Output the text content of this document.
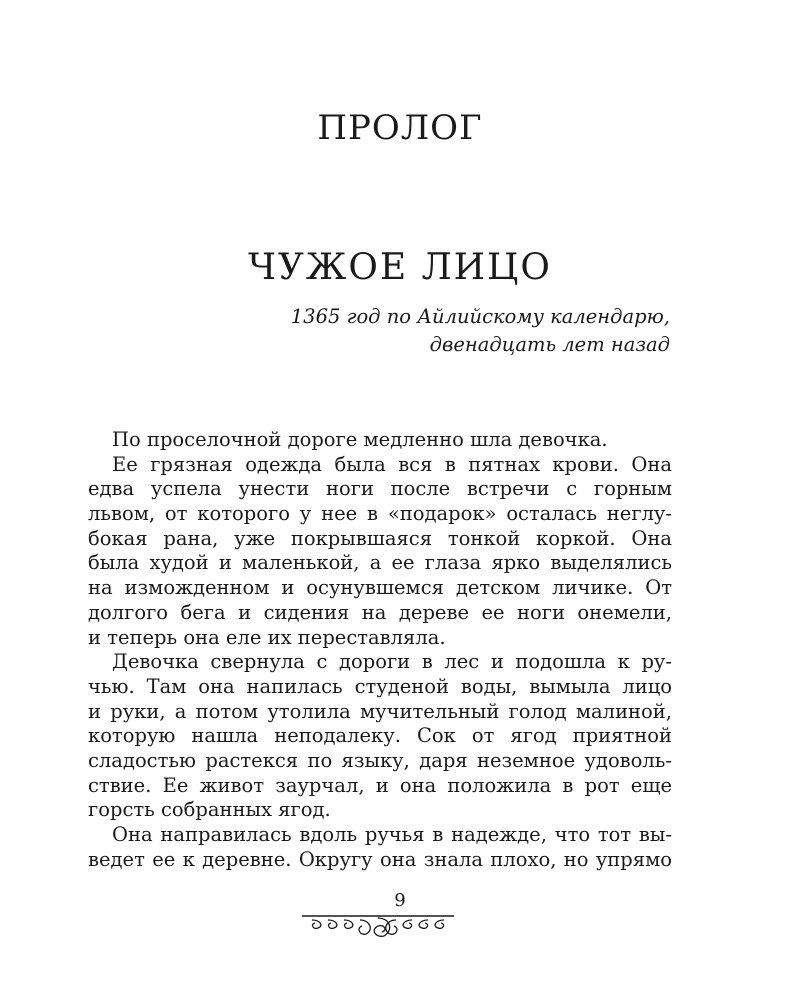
ПРОЛОГ
ЧУЖОЕ ЛИЦО
1365 год по Айлийскому календарю,
двенадцать лет назад
По проселочной дороге медленно шла девочка.
Ее грязная одежда была вся в пятнах крови. Она
едва успела унести ноги после встречи с горным
львом, от которого у нее в «подарок» осталась неглу-
бокая рана, уже покрывшаяся тонкой коркой. Она
была худой и маленькой, а ее глаза ярко выделялись
на изможденном и осунувшемся детском личике. От
долгого бега и сидения на дереве ее ноги онемели,
и теперь она еле их переставляла.
Девочка свернула с дороги в лес и подошла к ру-
чью. Там она напилась студеной воды, вымыла лицо
и руки, а потом утолила мучительный голод малиной,
которую нашла неподалеку. Сок от ягод приятной
сладостью растекся по языку, даря неземное удоволь-
ствие. Ее живот заурчал, и она положила в рот еще
горсть собранных ягод.
Она направилась вдоль ручья в надежде, что тот вы-
ведет ее к деревне. Округу она знала плохо, но упрямо
9
